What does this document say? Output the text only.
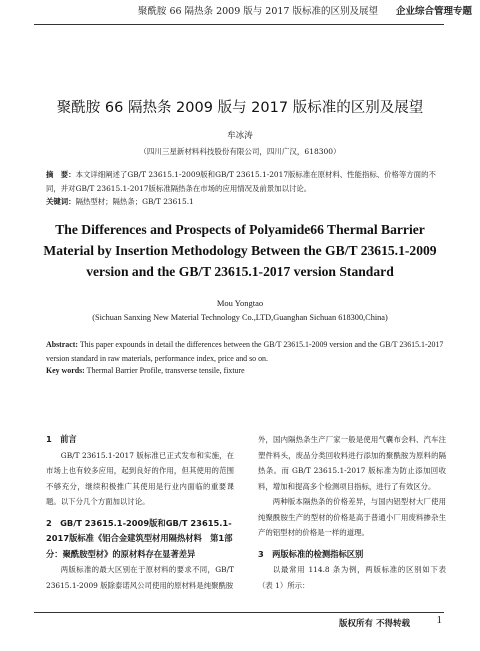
聚酰胺 66 隔热条 2009 版与 2017 版标准的区别及展望 企业综合管理专题
聚酰胺 66 隔热条 2009 版与 2017 版标准的区别及展望
牟冰涛
（四川三星新材料科技股份有限公司，四川广汉，618300）
摘　要：本文详细阐述了GB/T 23615.1-2009版和GB/T 23615.1-2017版标准在原材料、性能指标、价格等方面的不同，并对GB/T 23615.1-2017版标准隔热条在市场的应用情况及前景加以讨论。
关键词：隔热型材；隔热条；GB/T 23615.1
The Differences and Prospects of Polyamide66 Thermal Barrier Material by Insertion Methodology Between the GB/T 23615.1-2009 version and the GB/T 23615.1-2017 version Standard
Mou Yongtao
(Sichuan Sanxing New Material Technology Co.,LTD,Guanghan Sichuan 618300,China)
Abstract: This paper expounds in detail the differences between the GB/T 23615.1-2009 version and the GB/T 23615.1-2017 version standard in raw materials, performance index, price and so on.
Key words: Thermal Barrier Profile, transverse tensile, fixture

1　前言

GB/T 23615.1-2017 版标准已正式发布和实施，在市场上也有较多应用，起到良好的作用，但其使用的范围不够充分，继续积极推广其使用是行业内面临的重要课题。以下分几个方面加以讨论。

2　GB/T 23615.1-2009版和GB/T 23615.1-2017版标准《铝合金建筑型材用隔热材料　第1部分：聚酰胺型材》的原材料存在显著差异

两版标准的最大区别在于原材料的要求不同，GB/T 23615.1-2009 版除泰诺风公司使用的原材料是纯聚酰胺

外，国内隔热条生产厂家一般是使用气囊布会料、汽车注塑件料头，废品分类回收料进行添加的聚酰胺为原料的隔热条。而 GB/T 23615.1-2017 版标准为防止添加回收料，增加和提高多个检测项目指标，进行了有效区分。

两种版本隔热条的价格差异，与国内铝型材大厂使用纯聚酰胺生产的型材的价格是高于普通小厂用废料掺杂生产的铝型材的价格是一样的道理。

3　两版标准的检测指标区别

以最常用 114.8 条为例，两版标准的区别如下表（表 1）所示：

版权所有 不得转载 1
